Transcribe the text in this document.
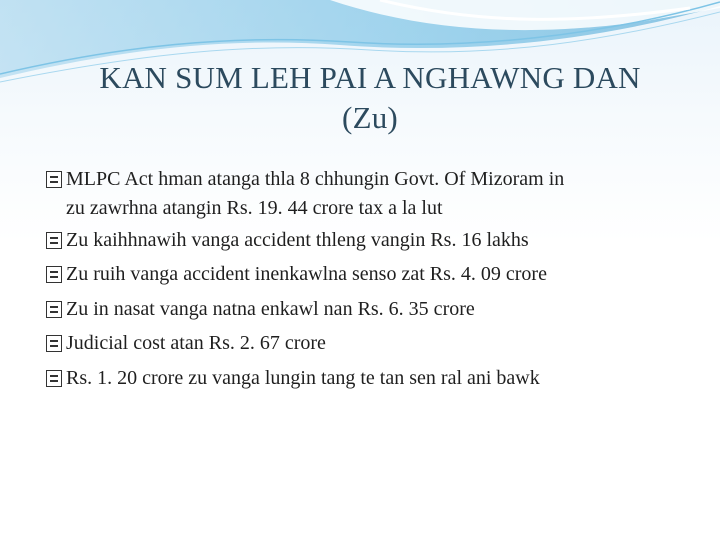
KAN SUM LEH PAI A NGHAWNG DAN
(Zu)
MLPC Act hman atanga thla 8 chhungin Govt. Of Mizoram in
zu zawrhna atangin Rs. 19. 44 crore tax a la lut
Zu kaihhnawih vanga accident thleng vangin Rs. 16 lakhs
Zu ruih vanga accident inenkawlna senso zat Rs. 4. 09 crore
Zu in nasat vanga natna enkawl nan Rs. 6. 35 crore
Judicial cost atan Rs. 2. 67 crore
Rs. 1. 20 crore zu vanga lungin tang te tan sen ral ani bawk
